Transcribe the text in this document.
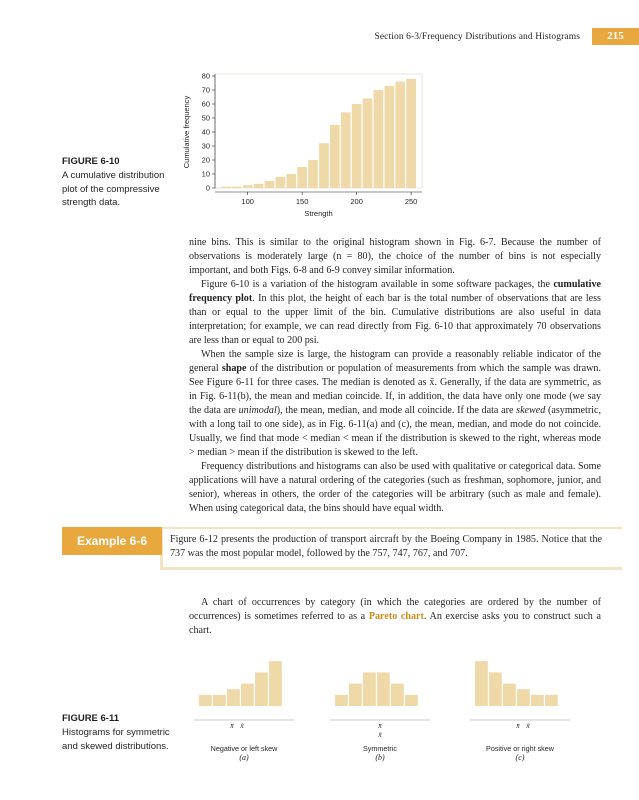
Section 6-3/Frequency Distributions and Histograms	215
FIGURE 6-10
A cumulative distribution plot of the compressive strength data.
0
10
20
30
40
50
60
70
80
100	150	200	250
Cumulative frequency
Strength

nine bins. This is similar to the original histogram shown in Fig. 6-7. Because the number of observations is moderately large (n = 80), the choice of the number of bins is not especially important, and both Figs. 6-8 and 6-9 convey similar information.

Figure 6-10 is a variation of the histogram available in some software packages, the cumulative frequency plot. In this plot, the height of each bar is the total number of observations that are less than or equal to the upper limit of the bin. Cumulative distributions are also useful in data interpretation; for example, we can read directly from Fig. 6-10 that approximately 70 observations are less than or equal to 200 psi.

When the sample size is large, the histogram can provide a reasonably reliable indicator of the general shape of the distribution or population of measurements from which the sample was drawn. See Figure 6-11 for three cases. The median is denoted as x̃. Generally, if the data are symmetric, as in Fig. 6-11(b), the mean and median coincide. If, in addition, the data have only one mode (we say the data are unimodal), the mean, median, and mode all coincide. If the data are skewed (asymmetric, with a long tail to one side), as in Fig. 6-11(a) and (c), the mean, median, and mode do not coincide. Usually, we find that mode < median < mean if the distribution is skewed to the right, whereas mode > median > mean if the distribution is skewed to the left.

Frequency distributions and histograms can also be used with qualitative or categorical data. Some applications will have a natural ordering of the categories (such as freshman, sophomore, junior, and senior), whereas in others, the order of the categories will be arbitrary (such as male and female). When using categorical data, the bins should have equal width.

Example 6-6	Figure 6-12 presents the production of transport aircraft by the Boeing Company in 1985. Notice that the 737 was the most popular model, followed by the 757, 747, 767, and 707.

A chart of occurrences by category (in which the categories are ordered by the number of occurrences) is sometimes referred to as a Pareto chart. An exercise asks you to construct such a chart.

FIGURE 6-11
Histograms for symmetric and skewed distributions.
x̄ x̃
Negative or left skew
(a)
x̄
x̃
Symmetric
(b)
x̄ x̃
Positive or right skew
(c)
